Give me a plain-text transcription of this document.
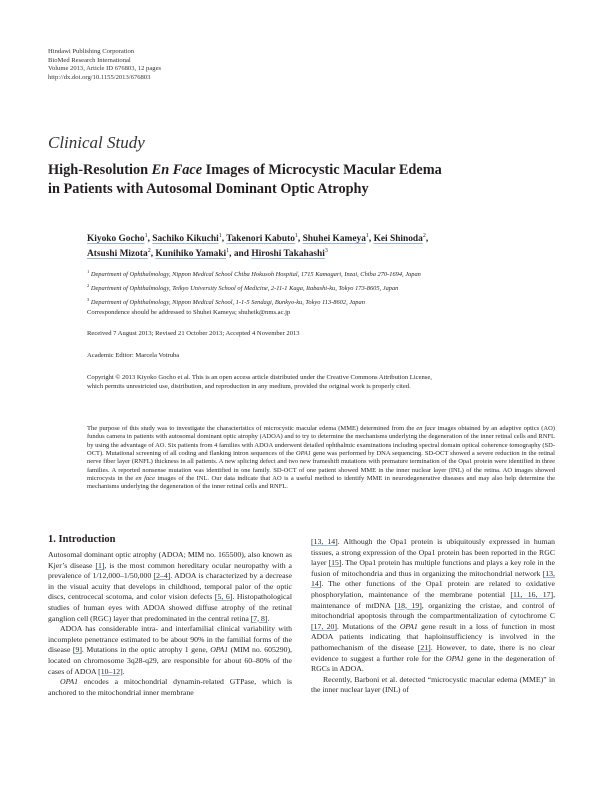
Hindawi Publishing Corporation
BioMed Research International
Volume 2013, Article ID 676803, 12 pages
http://dx.doi.org/10.1155/2013/676803
Clinical Study
High-Resolution En Face Images of Microcystic Macular Edema
in Patients with Autosomal Dominant Optic Atrophy
Kiyoko Gocho$^1$, Sachiko Kikuchi$^1$, Takenori Kabuto$^1$, Shuhei Kameya$^1$, Kei Shinoda$^2$,
Atsushi Mizota$^2$, Kunihiko Yamaki$^1$, and Hiroshi Takahashi$^3$
$^1$ Department of Ophthalmology, Nippon Medical School Chiba Hokusoh Hospital, 1715 Kamagari, Inzai, Chiba 270-1694, Japan
$^2$ Department of Ophthalmology, Teikyo University School of Medicine, 2-11-1 Kaga, Itabashi-ku, Tokyo 173-8605, Japan
$^3$ Department of Ophthalmology, Nippon Medical School, 1-1-5 Sendagi, Bunkyo-ku, Tokyo 113-8602, Japan
Correspondence should be addressed to Shuhei Kameya; shuheik@nms.ac.jp
Received 7 August 2013; Revised 21 October 2013; Accepted 4 November 2013
Academic Editor: Marcela Votruba
Copyright © 2013 Kiyoko Gocho et al. This is an open access article distributed under the Creative Commons Attribution License,
which permits unrestricted use, distribution, and reproduction in any medium, provided the original work is properly cited.
The purpose of this study was to investigate the characteristics of microcystic macular edema (MME) determined from the en face images obtained by an adaptive optics (AO) fundus camera in patients with autosomal dominant optic atrophy (ADOA) and to try to determine the mechanisms underlying the degeneration of the inner retinal cells and RNFL by using the advantage of AO. Six patients from 4 families with ADOA underwent detailed ophthalmic examinations including spectral domain optical coherence tomography (SD-OCT). Mutational screening of all coding and flanking intron sequences of the OPA1 gene was performed by DNA sequencing. SD-OCT showed a severe reduction in the retinal nerve fiber layer (RNFL) thickness in all patients. A new splicing defect and two new frameshift mutations with premature termination of the Opa1 protein were identified in three families. A reported nonsense mutation was identified in one family. SD-OCT of one patient showed MME in the inner nuclear layer (INL) of the retina. AO images showed microcysts in the en face images of the INL. Our data indicate that AO is a useful method to identify MME in neurodegenerative diseases and may also help determine the mechanisms underlying the degeneration of the inner retinal cells and RNFL.
1. Introduction

Autosomal dominant optic atrophy (ADOA; MIM no. 165500), also known as Kjer’s disease [1], is the most common hereditary ocular neuropathy with a prevalence of 1/12,000–1/50,000 [2–4]. ADOA is characterized by a decrease in the visual acuity that develops in childhood, temporal palor of the optic discs, centrocecal scotoma, and color vision defects [5, 6]. Histopathological studies of human eyes with ADOA showed diffuse atrophy of the retinal ganglion cell (RGC) layer that predominated in the central retina [7, 8].

ADOA has considerable intra- and interfamilial clinical variability with incomplete penetrance estimated to be about 90% in the familial forms of the disease [9]. Mutations in the optic atrophy 1 gene, OPA1 (MIM no. 605290), located on chromosome 3q28-q29, are responsible for about 60–80% of the cases of ADOA [10–12].

OPA1 encodes a mitochondrial dynamin-related GTPase, which is anchored to the mitochondrial inner membrane

[13, 14]. Although the Opa1 protein is ubiquitously expressed in human tissues, a strong expression of the Opa1 protein has been reported in the RGC layer [15]. The Opa1 protein has multiple functions and plays a key role in the fusion of mitochondria and thus in organizing the mitochondrial network [13, 14]. The other functions of the Opa1 protein are related to oxidative phosphorylation, maintenance of the membrane potential [11, 16, 17], maintenance of mtDNA [18, 19], organizing the cristae, and control of mitochondrial apoptosis through the compartmentalization of cytochrome C [17, 20]. Mutations of the OPA1 gene result in a loss of function in most ADOA patients indicating that haploinsufficiency is involved in the pathomechanism of the disease [21]. However, to date, there is no clear evidence to suggest a further role for the OPA1 gene in the degeneration of RGCs in ADOA.

Recently, Barboni et al. detected “microcystic macular edema (MME)” in the inner nuclear layer (INL) of
